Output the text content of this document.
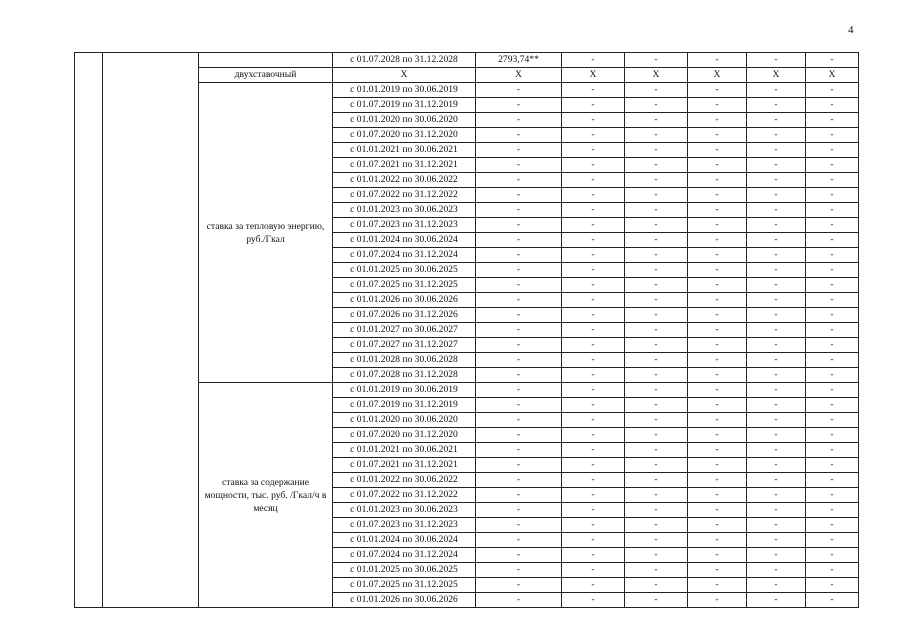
4
			с 01.07.2028 по 31.12.2028	2793,74**	-	-	-	-	-	
		двухставочный	Х	Х	Х	Х	Х	Х	Х	
		ставка за тепловую энергию, руб./Гкал	с 01.01.2019 по 30.06.2019	-	-	-	-	-	-	
			с 01.07.2019 по 31.12.2019	-	-	-	-	-	-	
			с 01.01.2020 по 30.06.2020	-	-	-	-	-	-	
			с 01.07.2020 по 31.12.2020	-	-	-	-	-	-	
			с 01.01.2021 по 30.06.2021	-	-	-	-	-	-	
			с 01.07.2021 по 31.12.2021	-	-	-	-	-	-	
			с 01.01.2022 по 30.06.2022	-	-	-	-	-	-	
			с 01.07.2022 по 31.12.2022	-	-	-	-	-	-	
			с 01.01.2023 по 30.06.2023	-	-	-	-	-	-	
			с 01.07.2023 по 31.12.2023	-	-	-	-	-	-	
			с 01.01.2024 по 30.06.2024	-	-	-	-	-	-	
			с 01.07.2024 по 31.12.2024	-	-	-	-	-	-	
			с 01.01.2025 по 30.06.2025	-	-	-	-	-	-	
			с 01.07.2025 по 31.12.2025	-	-	-	-	-	-	
			с 01.01.2026 по 30.06.2026	-	-	-	-	-	-	
			с 01.07.2026 по 31.12.2026	-	-	-	-	-	-	
			с 01.01.2027 по 30.06.2027	-	-	-	-	-	-	
			с 01.07.2027 по 31.12.2027	-	-	-	-	-	-	
			с 01.01.2028 по 30.06.2028	-	-	-	-	-	-	
			с 01.07.2028 по 31.12.2028	-	-	-	-	-	-	
		ставка за содержание мощности, тыс. руб. /Гкал/ч в месяц	с 01.01.2019 по 30.06.2019	-	-	-	-	-	-	
			с 01.07.2019 по 31.12.2019	-	-	-	-	-	-	
			с 01.01.2020 по 30.06.2020	-	-	-	-	-	-	
			с 01.07.2020 по 31.12.2020	-	-	-	-	-	-	
			с 01.01.2021 по 30.06.2021	-	-	-	-	-	-	
			с 01.07.2021 по 31.12.2021	-	-	-	-	-	-	
			с 01.01.2022 по 30.06.2022	-	-	-	-	-	-	
			с 01.07.2022 по 31.12.2022	-	-	-	-	-	-	
			с 01.01.2023 по 30.06.2023	-	-	-	-	-	-	
			с 01.07.2023 по 31.12.2023	-	-	-	-	-	-	
			с 01.01.2024 по 30.06.2024	-	-	-	-	-	-	
			с 01.07.2024 по 31.12.2024	-	-	-	-	-	-	
			с 01.01.2025 по 30.06.2025	-	-	-	-	-	-	
			с 01.07.2025 по 31.12.2025	-	-	-	-	-	-	
			с 01.01.2026 по 30.06.2026	-	-	-	-	-	-	
